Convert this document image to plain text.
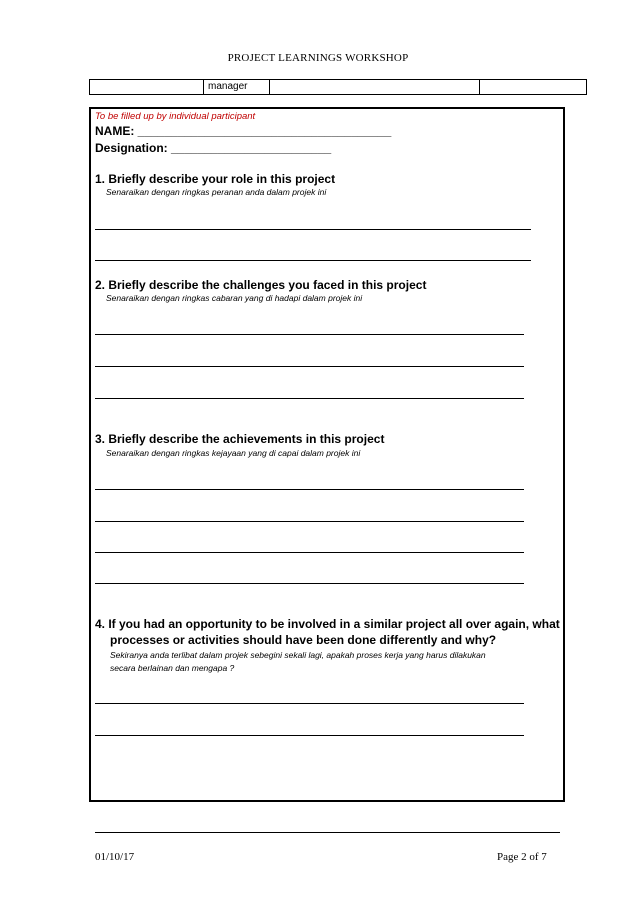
PROJECT LEARNINGS WORKSHOP
	manager		
To be filled up by individual participant
NAME: ______________________________________
Designation: ________________________
1. Briefly describe your role in this project
Senaraikan dengan ringkas peranan anda dalam projek ini
2. Briefly describe the challenges you faced in this project
Senaraikan dengan ringkas cabaran yang di hadapi dalam projek ini
3. Briefly describe the achievements in this project
Senaraikan dengan ringkas kejayaan yang di capai dalam projek ini
4. If you had an opportunity to be involved in a similar project all over again, what
processes or activities should have been done differently and why?
Sekiranya anda terlibat dalam projek sebegini sekali lagi, apakah proses kerja yang harus dilakukan
secara berlainan dan mengapa ?
01/10/17	Page 2 of 7
